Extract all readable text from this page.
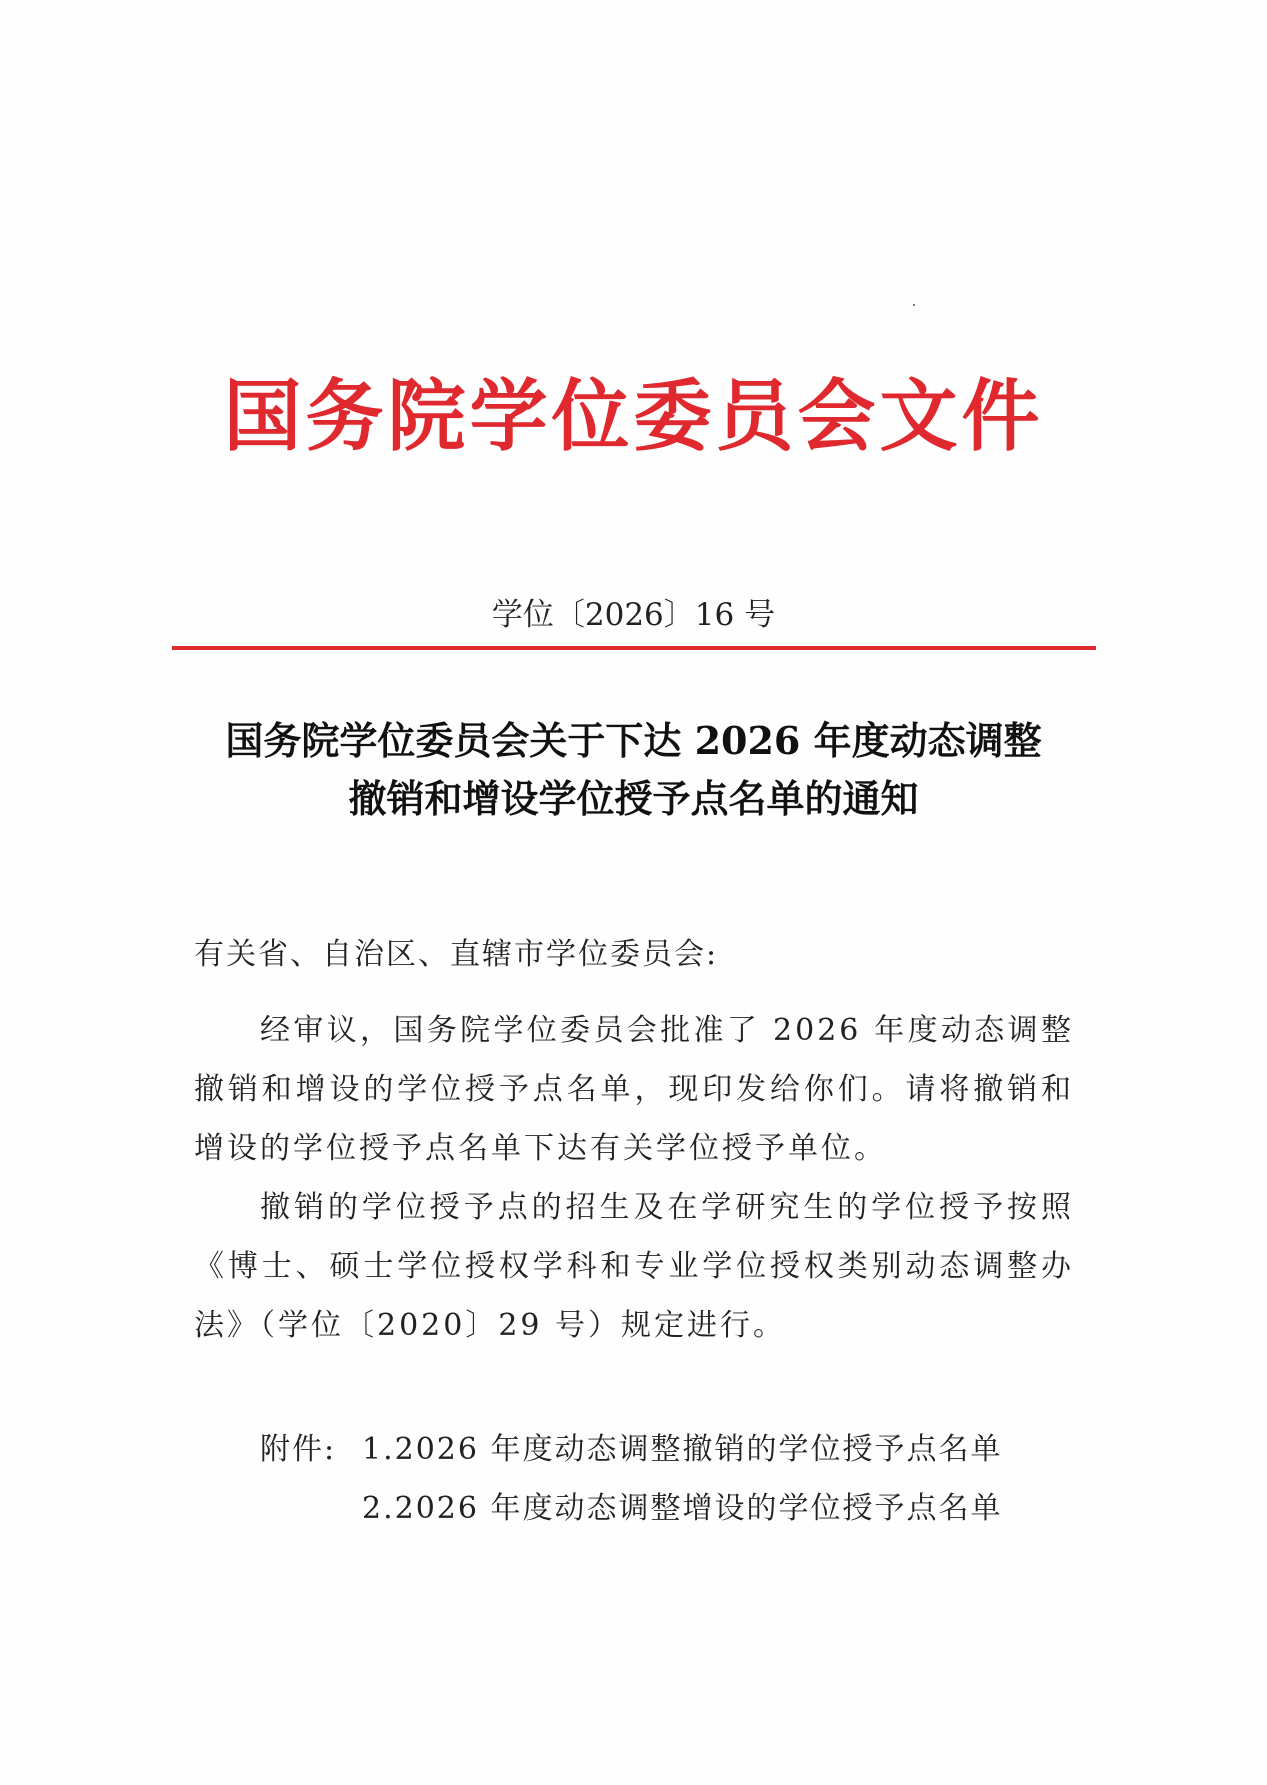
国务院学位委员会文件
学位〔2026〕16 号
国务院学位委员会关于下达 2026 年度动态调整
撤销和增设学位授予点名单的通知
有关省、自治区、直辖市学位委员会:

经审议，国务院学位委员会批准了 2026 年度动态调整撤销和增设的学位授予点名单，现印发给你们。请将撤销和增设的学位授予点名单下达有关学位授予单位。

撤销的学位授予点的招生及在学研究生的学位授予按照《博士、硕士学位授权学科和专业学位授权类别动态调整办法》（学位〔2020〕29 号）规定进行。

附件: 1.2026 年度动态调整撤销的学位授予点名单
2.2026 年度动态调整增设的学位授予点名单
